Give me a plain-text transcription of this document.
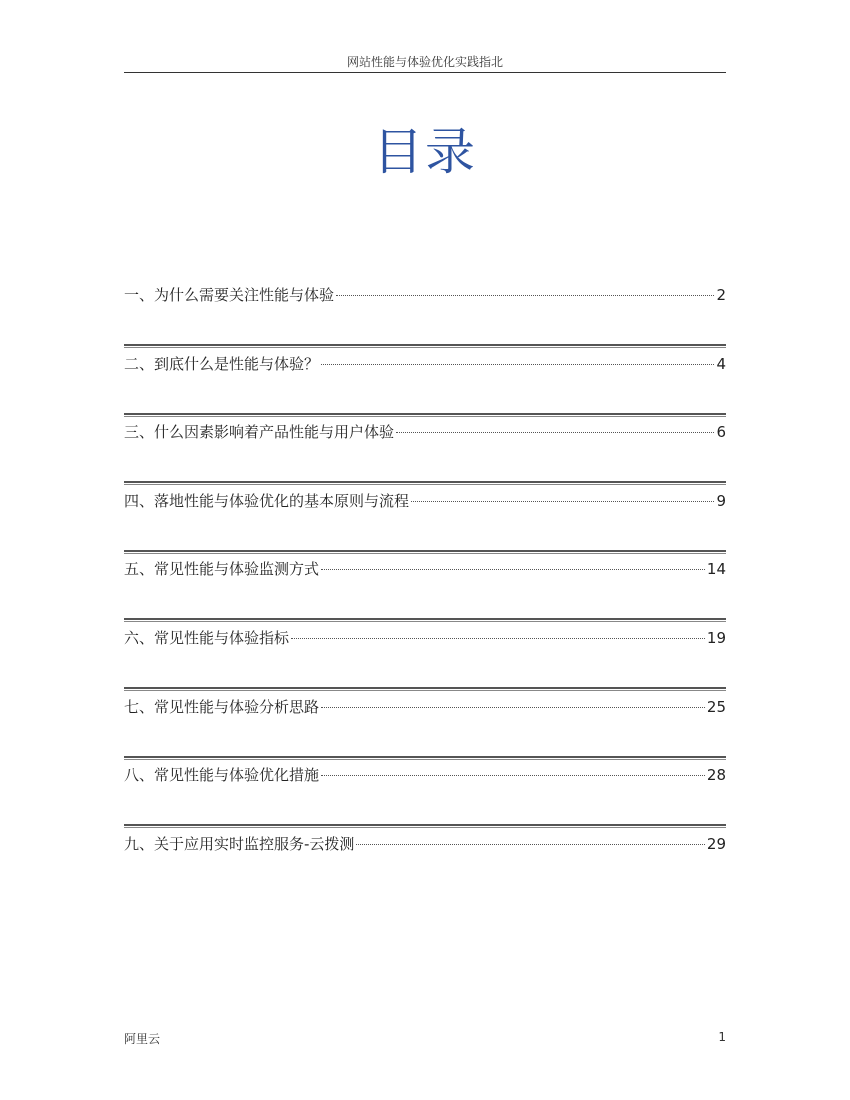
网站性能与体验优化实践指北
目录
一、为什么需要关注性能与体验	2
二、到底什么是性能与体验？	4
三、什么因素影响着产品性能与用户体验	6
四、落地性能与体验优化的基本原则与流程	9
五、常见性能与体验监测方式	14
六、常见性能与体验指标	19
七、常见性能与体验分析思路	25
八、常见性能与体验优化措施	28
九、关于应用实时监控服务-云拨测	29
阿里云	1
